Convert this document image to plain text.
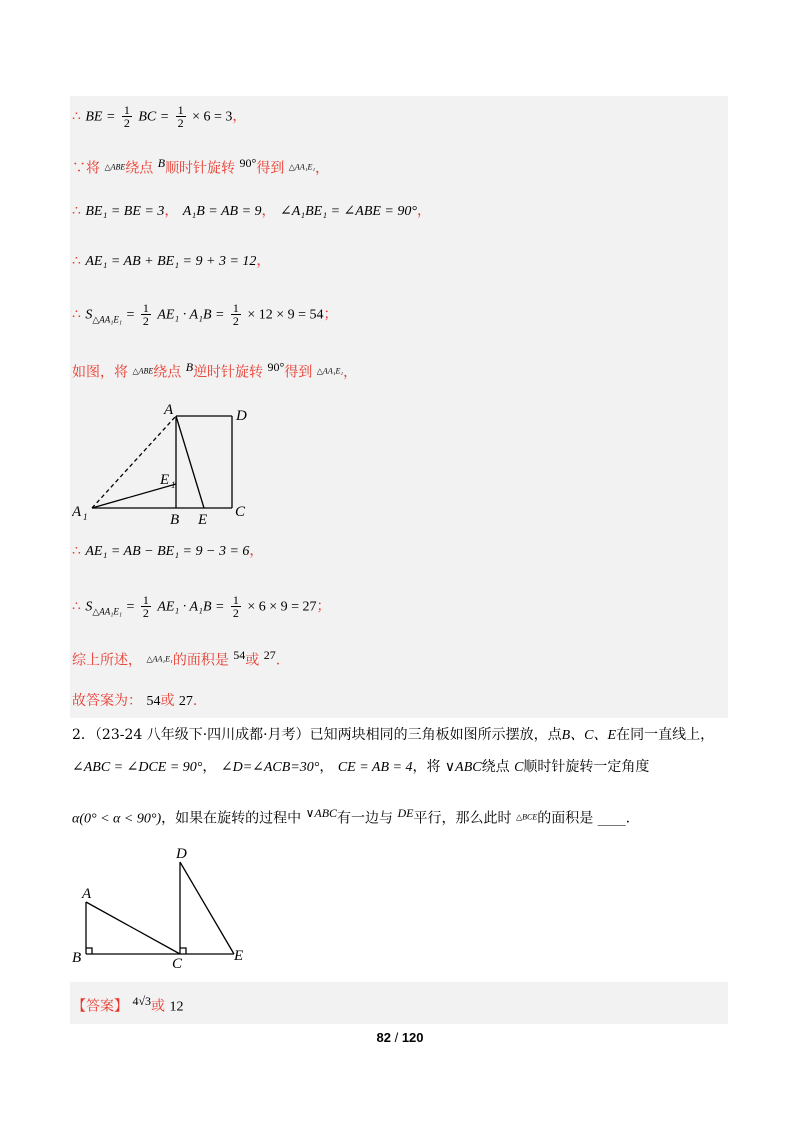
∴ BE = $\frac{1}{2}$ BC = $\frac{1}{2} \times 6 = 3$，
∵将 $^{\triangle ABE}$绕点 B顺时针旋转 90°得到 $^{\triangle AA_1E_1}$，
∴ BE₁ = BE = 3， A₁B = AB = 9， ∠A₁BE₁ = ∠ABE = 90°，
∴ AE₁ = AB + BE₁ = 9 + 3 = 12，
∴ $S_{\triangle AA_1E_1} = \frac{1}{2} AE_1 \cdot A_1B = \frac{1}{2} \times 12 \times 9 = 54$；
如图，将 $^{\triangle ABE}$绕点 B逆时针旋转 90°得到 $^{\triangle AA_1E_1}$，
A	D
E 1
A 1	B E C
∴ AE₁ = AB − BE₁ = 9 − 3 = 6，
∴ $S_{\triangle AA_1E_1} = \frac{1}{2} AE_1 \cdot A_1B = \frac{1}{2} \times 6 \times 9 = 27$；
综上所述， $^{\triangle AA_1E_1}$的面积是 54或 27.
故答案为： 54或 27.
2．（23-24 八年级下·四川成都·月考）已知两块相同的三角板如图所示摆放，点B、C、E在同一直线上，
∠ABC = ∠DCE = 90°， ∠D=∠ACB=30°， CE = AB = 4，将 ∨ABC绕点 C顺时针旋转一定角度
α(0° < α < 90°)，如果在旋转的过程中 ∨ABC有一边与 DE平行，那么此时 $^{\triangle BCE}$的面积是 ____.
D
A
B	C	E
【答案】 4√3或 12
82 / 120
